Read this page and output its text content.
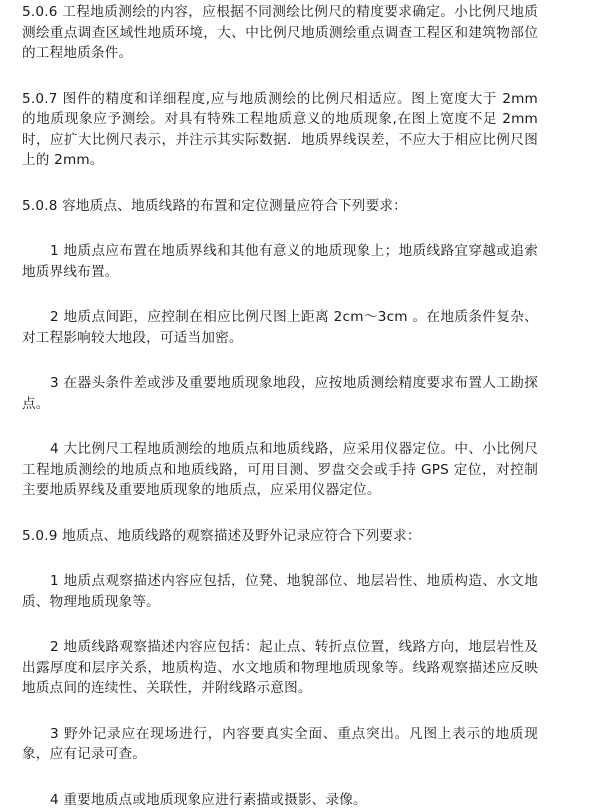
5.0.6 工程地质测绘的内容，应根据不同测绘比例尺的精度要求确定。小比例尺地质测绘重点调查区域性地质环境，大、中比例尺地质测绘重点调查工程区和建筑物部位的工程地质条件。

5.0.7 图件的精度和详细程度,应与地质测绘的比例尺相适应。图上宽度大于 2mm 的地质现象应予测绘。对具有特殊工程地质意义的地质现象,在图上宽度不足 2mm 时，应扩大比例尺表示，并注示其实际数据．地质界线误差，不应大于相应比例尺图上的 2mm。

5.0.8 容地质点、地质线路的布置和定位测量应符合下列要求：

1 地质点应布置在地质界线和其他有意义的地质现象上；地质线路宜穿越或追索地质界线布置。

2 地质点间距，应控制在相应比例尺图上距离 2cm～3cm 。在地质条件复杂、对工程影响较大地段，可适当加密。

3 在器头条件差或涉及重要地质现象地段，应按地质测绘精度要求布置人工勘探点。

4 大比例尺工程地质测绘的地质点和地质线路，应采用仪器定位。中、小比例尺工程地质测绘的地质点和地质线路，可用目测、罗盘交会或手持 GPS 定位，对控制主要地质界线及重要地质现象的地质点，应采用仪器定位。

5.0.9 地质点、地质线路的观察描述及野外记录应符合下列要求：

1 地质点观察描述内容应包括，位凳、地貌部位、地层岩性、地质构造、水文地质、物理地质现象等。

2 地质线路观察描述内容应包括：起止点、转折点位置，线路方向，地层岩性及出露厚度和层序关系，地质构造、水文地质和物理地质现象等。线路观察描述应反映地质点间的连续性、关联性，并附线路示意图。

3 野外记录应在现场进行，内容要真实全面、重点突出。凡图上表示的地质现象，应有记录可查。

4 重要地质点或地质现象应进行素描或摄影、录像。
